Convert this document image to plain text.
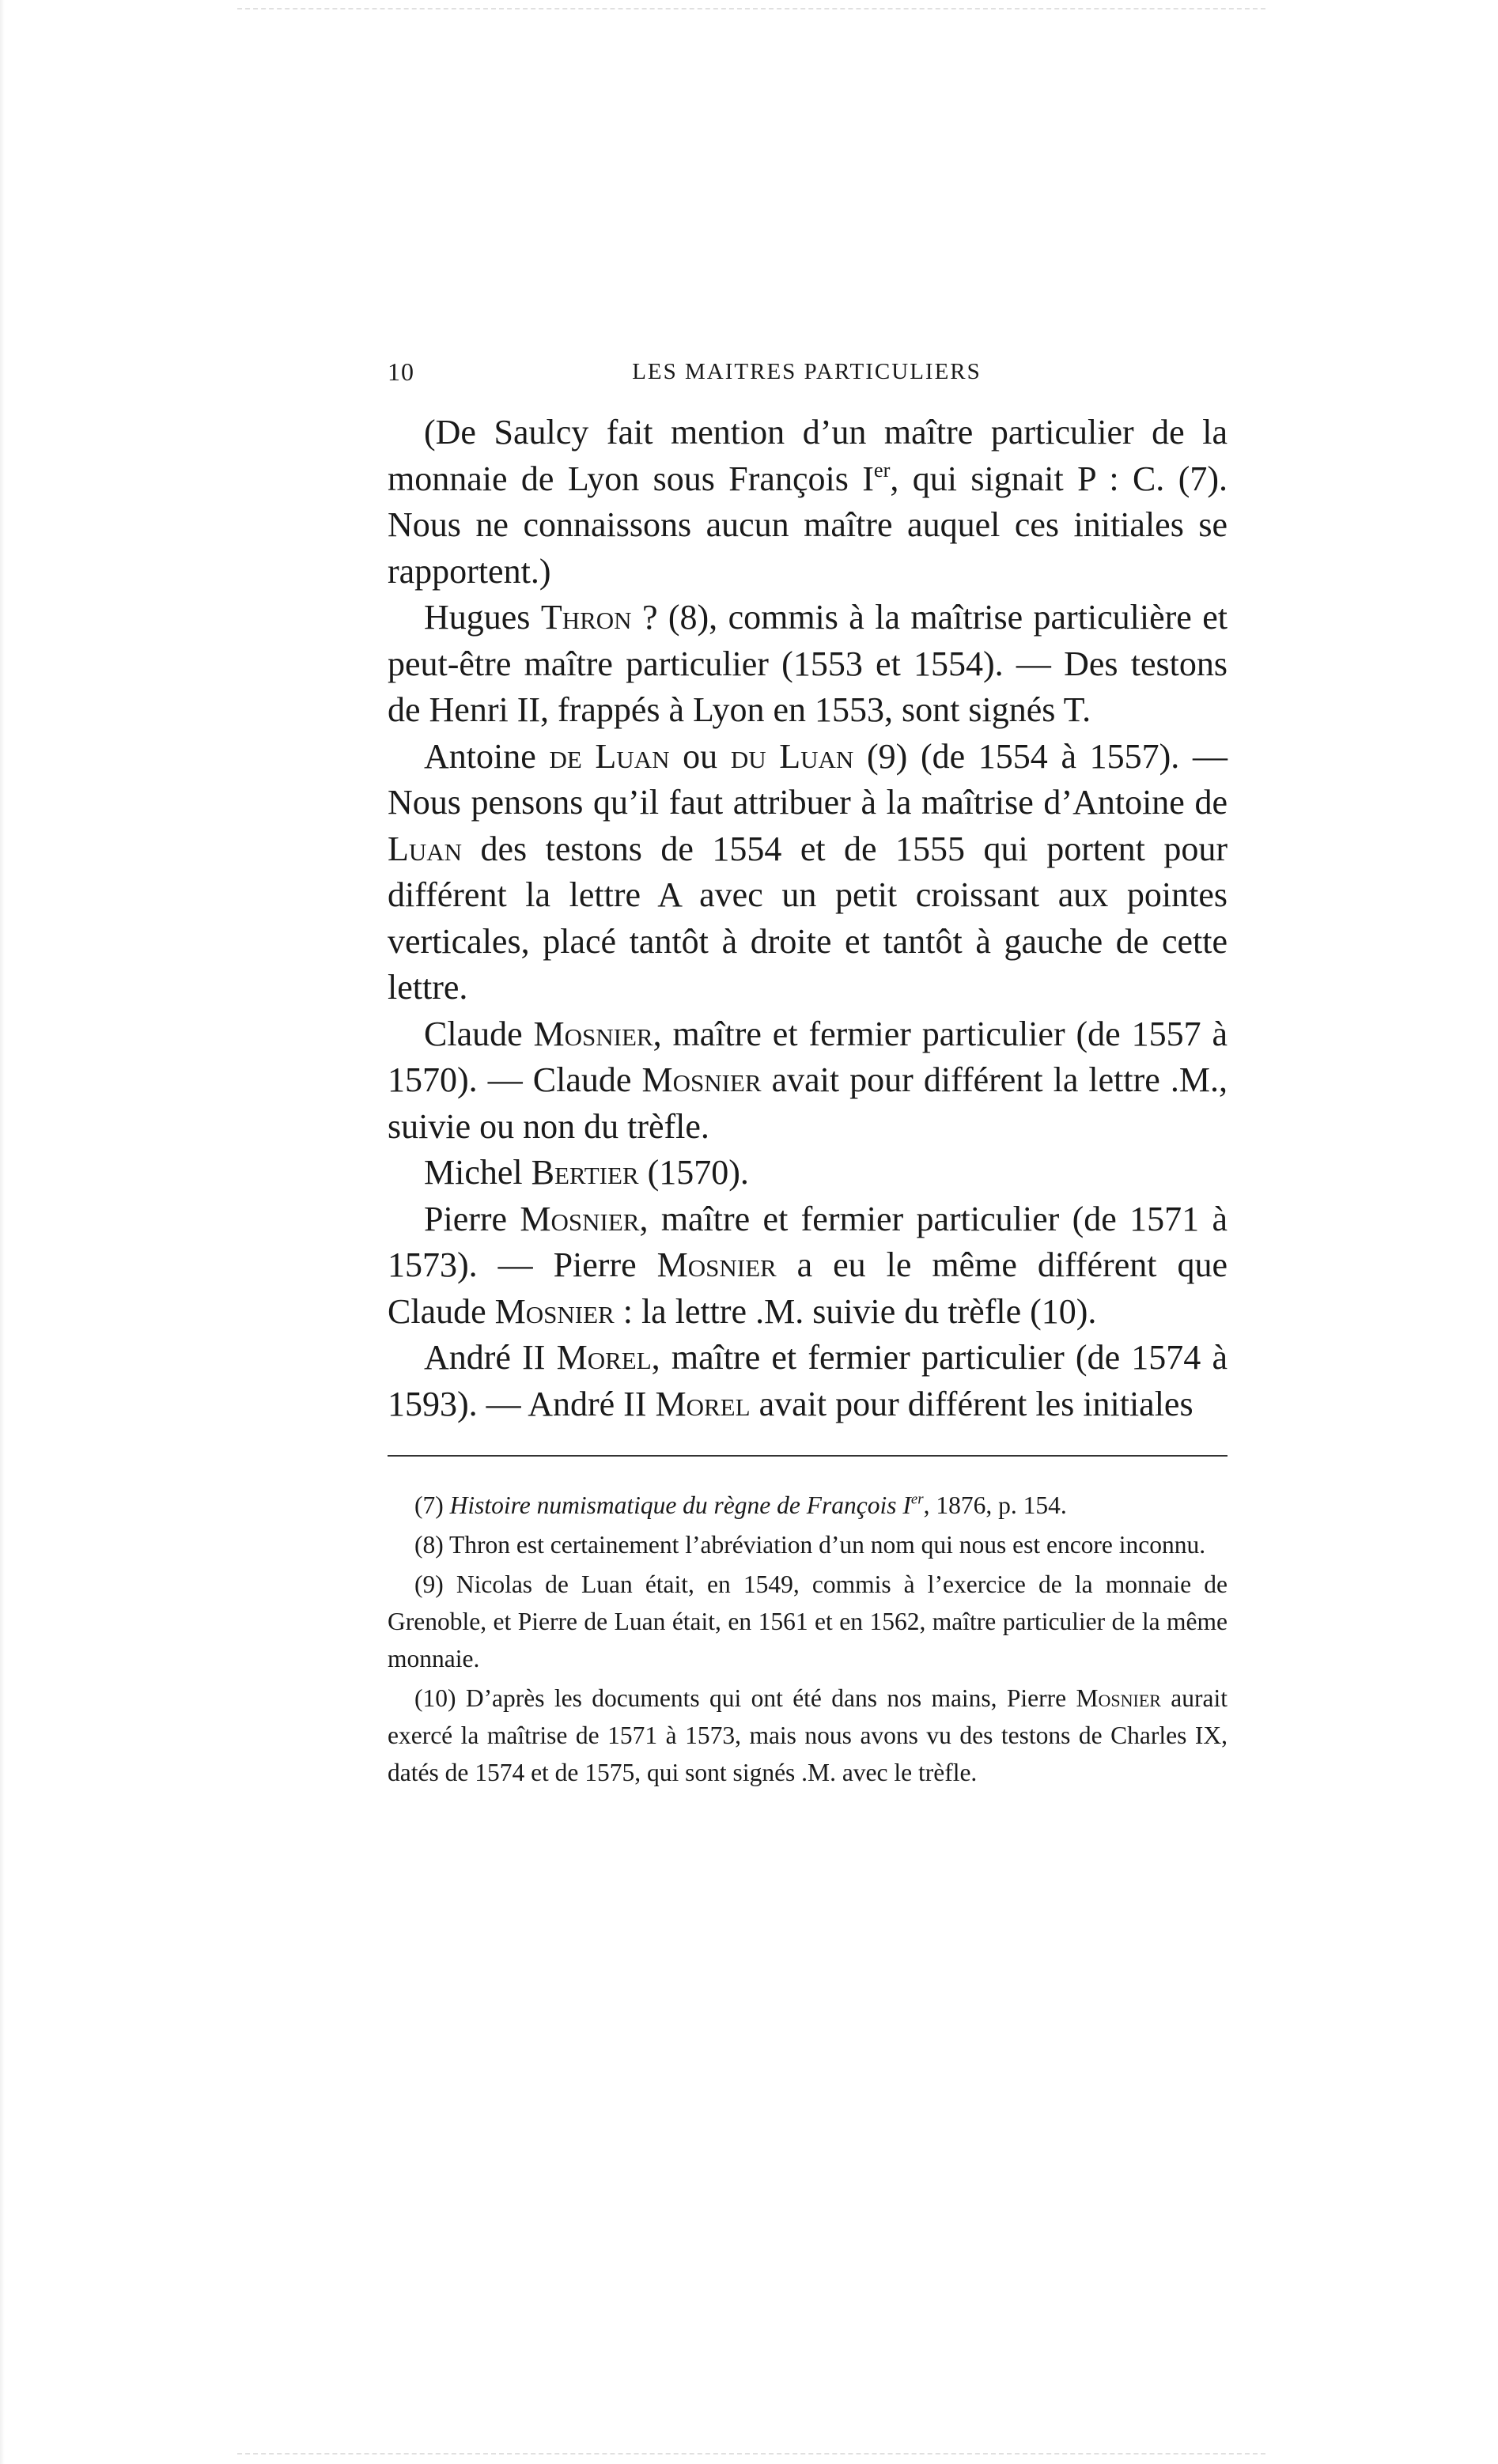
10	LES MAITRES PARTICULIERS

(De Saulcy fait mention d’un maître particulier de la monnaie de Lyon sous François Ier, qui signait P : C. (7). Nous ne connaissons aucun maître auquel ces initiales se rapportent.)

Hugues Thron ? (8), commis à la maîtrise particulière et peut-être maître particulier (1553 et 1554). — Des testons de Henri II, frappés à Lyon en 1553, sont signés T.

Antoine de Luan ou du Luan (9) (de 1554 à 1557). — Nous pensons qu’il faut attribuer à la maîtrise d’Antoine de Luan des testons de 1554 et de 1555 qui portent pour différent la lettre A avec un petit croissant aux pointes verticales, placé tantôt à droite et tantôt à gauche de cette lettre.

Claude Mosnier, maître et fermier particulier (de 1557 à 1570). — Claude Mosnier avait pour différent la lettre .M., suivie ou non du trèfle.

Michel Bertier (1570).

Pierre Mosnier, maître et fermier particulier (de 1571 à 1573). — Pierre Mosnier a eu le même différent que Claude Mosnier : la lettre .M. suivie du trèfle (10).

André II Morel, maître et fermier particulier (de 1574 à 1593). — André II Morel avait pour différent les initiales

(7) Histoire numismatique du règne de François Ier, 1876, p. 154.

(8) Thron est certainement l’abréviation d’un nom qui nous est encore inconnu.

(9) Nicolas de Luan était, en 1549, commis à l’exercice de la monnaie de Grenoble, et Pierre de Luan était, en 1561 et en 1562, maître particulier de la même monnaie.

(10) D’après les documents qui ont été dans nos mains, Pierre Mosnier aurait exercé la maîtrise de 1571 à 1573, mais nous avons vu des testons de Charles IX, datés de 1574 et de 1575, qui sont signés .M. avec le trèfle.
